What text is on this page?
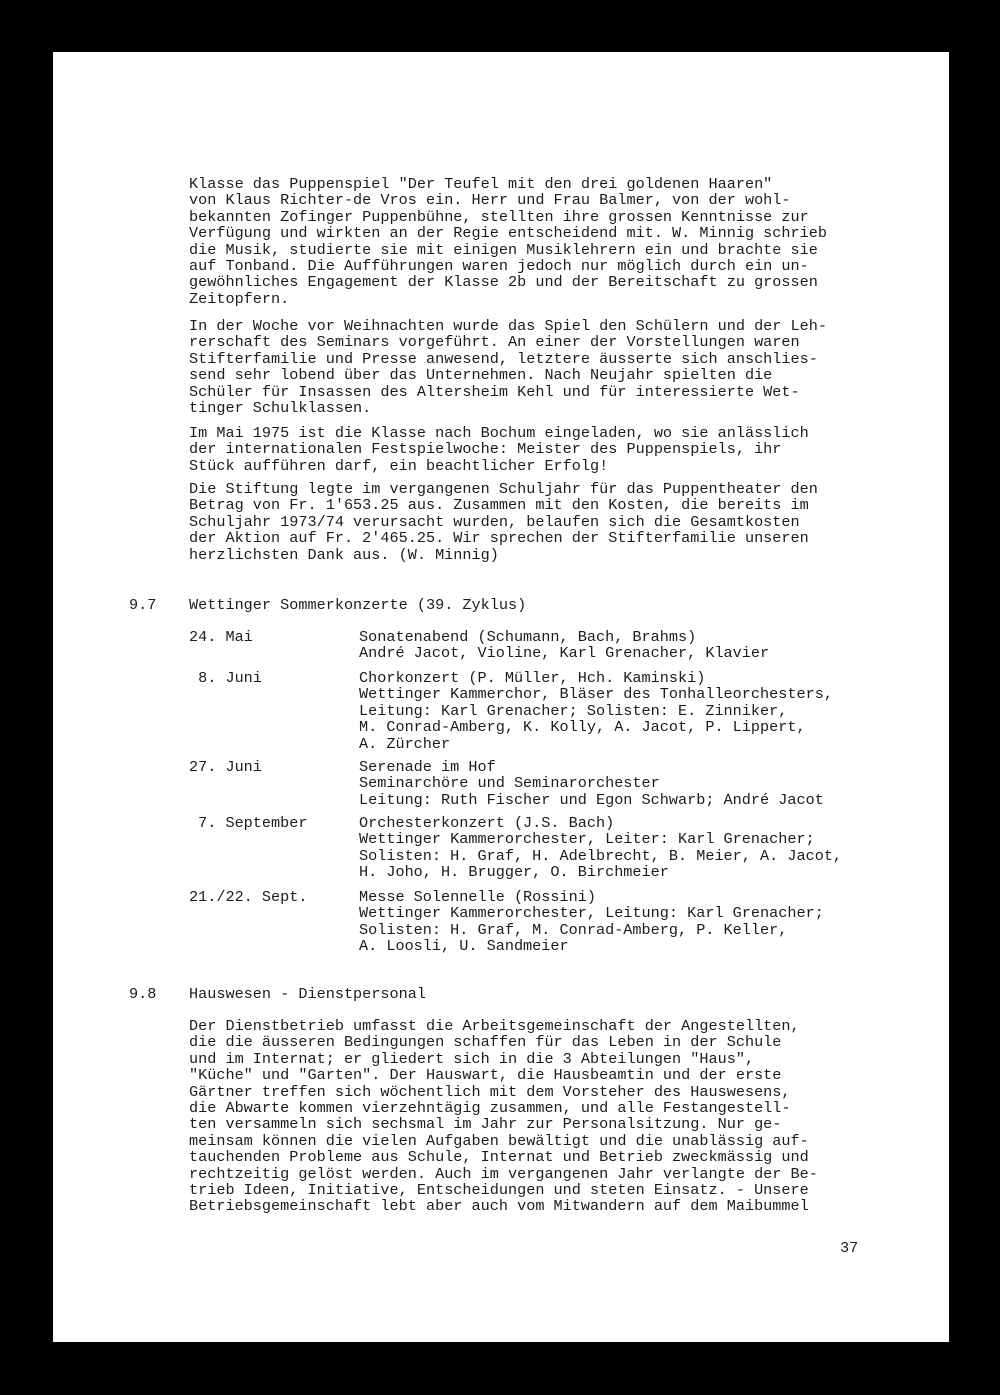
Klasse das Puppenspiel "Der Teufel mit den drei goldenen Haaren"
von Klaus Richter-de Vros ein. Herr und Frau Balmer, von der wohl-
bekannten Zofinger Puppenbühne, stellten ihre grossen Kenntnisse zur
Verfügung und wirkten an der Regie entscheidend mit. W. Minnig schrieb
die Musik, studierte sie mit einigen Musiklehrern ein und brachte sie
auf Tonband. Die Aufführungen waren jedoch nur möglich durch ein un-
gewöhnliches Engagement der Klasse 2b und der Bereitschaft zu grossen
Zeitopfern.

In der Woche vor Weihnachten wurde das Spiel den Schülern und der Leh-
rerschaft des Seminars vorgeführt. An einer der Vorstellungen waren
Stifterfamilie und Presse anwesend, letztere äusserte sich anschlies-
send sehr lobend über das Unternehmen. Nach Neujahr spielten die
Schüler für Insassen des Altersheim Kehl und für interessierte Wet-
tinger Schulklassen.

Im Mai 1975 ist die Klasse nach Bochum eingeladen, wo sie anlässlich
der internationalen Festspielwoche: Meister des Puppenspiels, ihr
Stück aufführen darf, ein beachtlicher Erfolg!

Die Stiftung legte im vergangenen Schuljahr für das Puppentheater den
Betrag von Fr. 1'653.25 aus. Zusammen mit den Kosten, die bereits im
Schuljahr 1973/74 verursacht wurden, belaufen sich die Gesamtkosten
der Aktion auf Fr. 2'465.25. Wir sprechen der Stifterfamilie unseren
herzlichsten Dank aus. (W. Minnig)

9.7 Wettinger Sommerkonzerte (39. Zyklus)
24. Mai	Sonatenabend (Schumann, Bach, Brahms)
André Jacot, Violine, Karl Grenacher, Klavier
8. Juni	Chorkonzert (P. Müller, Hch. Kaminski)
Wettinger Kammerchor, Bläser des Tonhalleorchesters,
Leitung: Karl Grenacher; Solisten: E. Zinniker,
M. Conrad-Amberg, K. Kolly, A. Jacot, P. Lippert,
A. Zürcher
27. Juni	Serenade im Hof
Seminarchöre und Seminarorchester
Leitung: Ruth Fischer und Egon Schwarb; André Jacot
7. September	Orchesterkonzert (J.S. Bach)
Wettinger Kammerorchester, Leiter: Karl Grenacher;
Solisten: H. Graf, H. Adelbrecht, B. Meier, A. Jacot,
H. Joho, H. Brugger, O. Birchmeier
21./22. Sept.	Messe Solennelle (Rossini)
Wettinger Kammerorchester, Leitung: Karl Grenacher;
Solisten: H. Graf, M. Conrad-Amberg, P. Keller,
A. Loosli, U. Sandmeier
9.8 Hauswesen - Dienstpersonal

Der Dienstbetrieb umfasst die Arbeitsgemeinschaft der Angestellten,
die die äusseren Bedingungen schaffen für das Leben in der Schule
und im Internat; er gliedert sich in die 3 Abteilungen "Haus",
"Küche" und "Garten". Der Hauswart, die Hausbeamtin und der erste
Gärtner treffen sich wöchentlich mit dem Vorsteher des Hauswesens,
die Abwarte kommen vierzehntägig zusammen, und alle Festangestell-
ten versammeln sich sechsmal im Jahr zur Personalsitzung. Nur ge-
meinsam können die vielen Aufgaben bewältigt und die unablässig auf-
tauchenden Probleme aus Schule, Internat und Betrieb zweckmässig und
rechtzeitig gelöst werden. Auch im vergangenen Jahr verlangte der Be-
trieb Ideen, Initiative, Entscheidungen und steten Einsatz. - Unsere
Betriebsgemeinschaft lebt aber auch vom Mitwandern auf dem Maibummel

37
